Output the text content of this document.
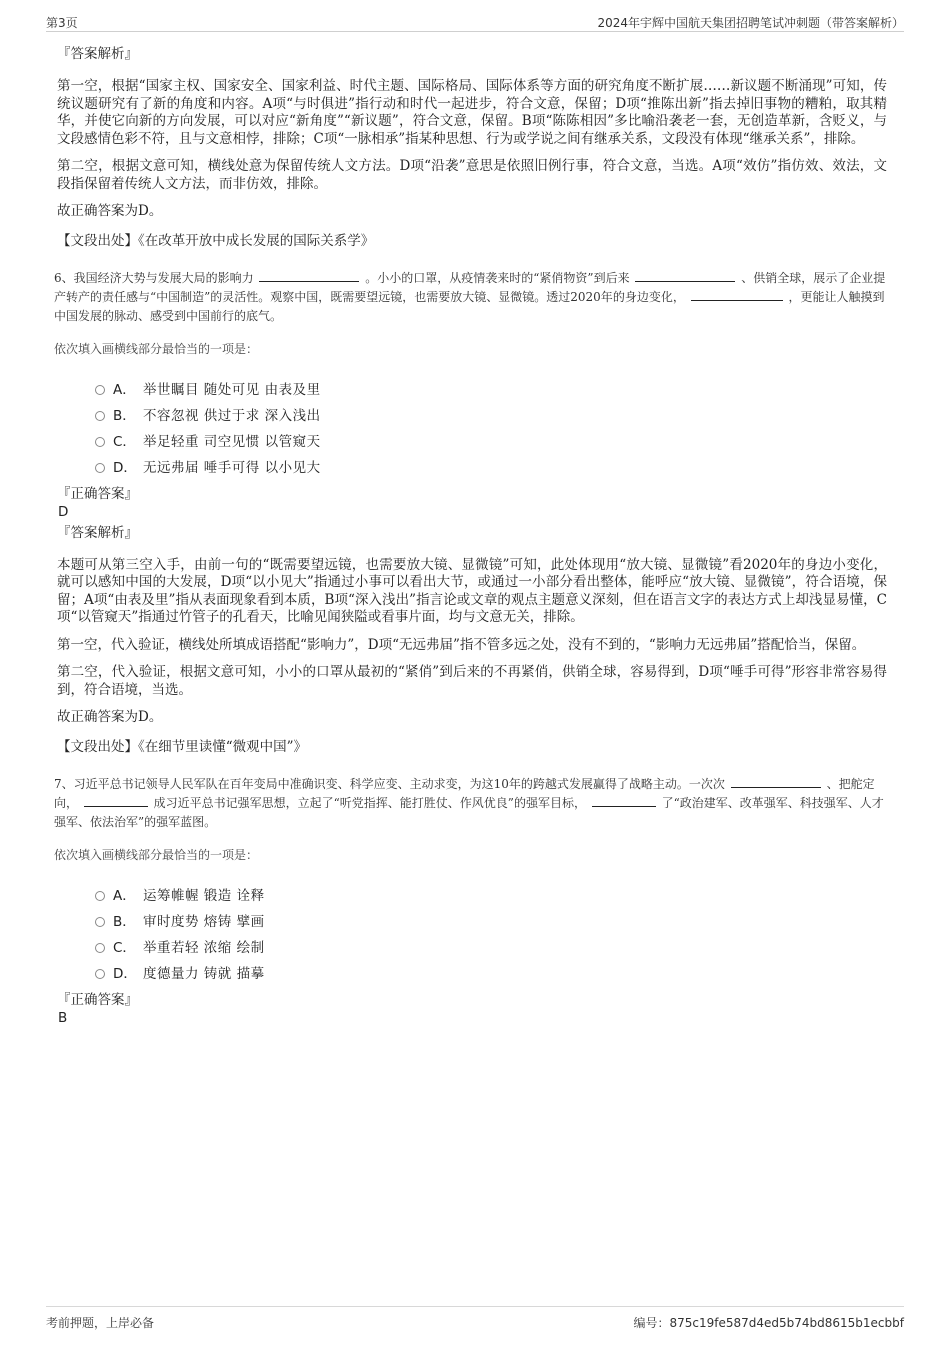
第3页	2024年宇辉中国航天集团招聘笔试冲刺题（带答案解析）
『答案解析』
第一空，根据“国家主权、国家安全、国家利益、时代主题、国际格局、国际体系等方面的研究角度不断扩展……新议题不断涌现”可知，传统议题研究有了新的角度和内容。A项“与时俱进”指行动和时代一起进步，符合文意，保留；D项“推陈出新”指去掉旧事物的糟粕，取其精华，并使它向新的方向发展，可以对应“新角度”“新议题”，符合文意，保留。B项“陈陈相因”多比喻沿袭老一套，无创造革新，含贬义，与文段感情色彩不符，且与文意相悖，排除；C项“一脉相承”指某种思想、行为或学说之间有继承关系，文段没有体现“继承关系”，排除。
第二空，根据文意可知，横线处意为保留传统人文方法。D项“沿袭”意思是依照旧例行事，符合文意，当选。A项“效仿”指仿效、效法，文段指保留着传统人文方法，而非仿效，排除。
故正确答案为D。
【文段出处】《在改革开放中成长发展的国际关系学》
6、我国经济大势与发展大局的影响力	。小小的口罩，从疫情袭来时的“紧俏物资”到后来	、供销全球，展示了企业提产转产的责任感与“中国制造”的灵活性。观察中国，既需要望远镜，也需要放大镜、显微镜。透过2020年的身边变化，	，更能让人触摸到中国发展的脉动、感受到中国前行的底气。
依次填入画横线部分最恰当的一项是：
A． 举世瞩目 随处可见 由表及里
B． 不容忽视 供过于求 深入浅出
C． 举足轻重 司空见惯 以管窥天
D． 无远弗届 唾手可得 以小见大
『正确答案』
D
『答案解析』
本题可从第三空入手，由前一句的“既需要望远镜，也需要放大镜、显微镜”可知，此处体现用“放大镜、显微镜”看2020年的身边小变化，就可以感知中国的大发展，D项“以小见大”指通过小事可以看出大节，或通过一小部分看出整体，能呼应“放大镜、显微镜”，符合语境，保留；A项“由表及里”指从表面现象看到本质，B项“深入浅出”指言论或文章的观点主题意义深刻，但在语言文字的表达方式上却浅显易懂，C项“以管窥天”指通过竹管子的孔看天，比喻见闻狭隘或看事片面，均与文意无关，排除。
第一空，代入验证，横线处所填成语搭配“影响力”，D项“无远弗届”指不管多远之处，没有不到的，“影响力无远弗届”搭配恰当，保留。
第二空，代入验证，根据文意可知，小小的口罩从最初的“紧俏”到后来的不再紧俏，供销全球，容易得到，D项“唾手可得”形容非常容易得到，符合语境，当选。
故正确答案为D。
【文段出处】《在细节里读懂“微观中国”》
7、习近平总书记领导人民军队在百年变局中准确识变、科学应变、主动求变，为这10年的跨越式发展赢得了战略主动。一次次	、把舵定向，	成习近平总书记强军思想，立起了“听党指挥、能打胜仗、作风优良”的强军目标，	了“政治建军、改革强军、科技强军、人才强军、依法治军”的强军蓝图。
依次填入画横线部分最恰当的一项是：
A． 运筹帷幄 锻造 诠释
B． 审时度势 熔铸 擘画
C． 举重若轻 浓缩 绘制
D． 度德量力 铸就 描摹
『正确答案』
B
考前押题，上岸必备	编号：875c19fe587d4ed5b74bd8615b1ecbbf
